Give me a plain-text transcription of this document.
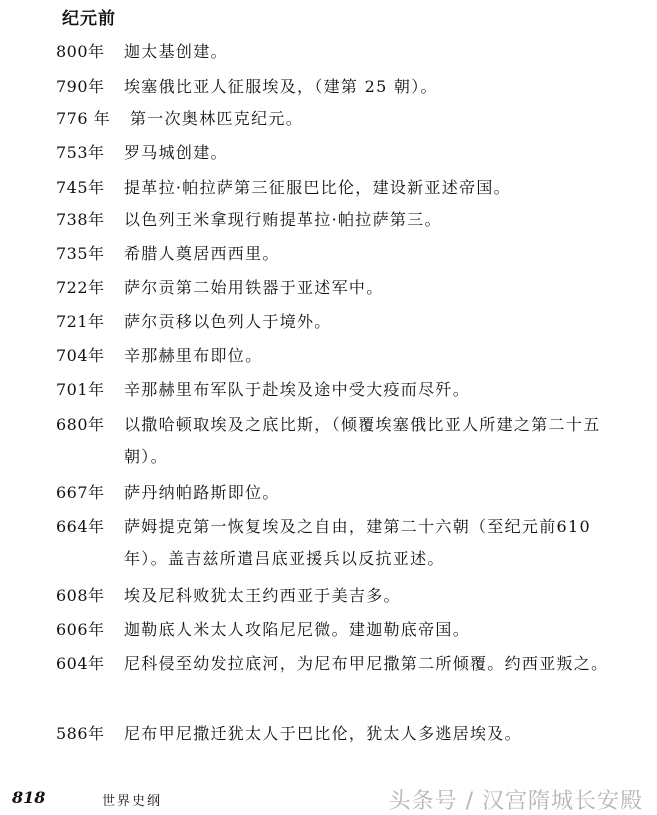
纪元前
800年 迦太基创建。
790年 埃塞俄比亚人征服埃及，（建第 25 朝）。
776 年 第一次奥林匹克纪元。
753年 罗马城创建。
745年 提革拉·帕拉萨第三征服巴比伦，建设新亚述帝国。
738年 以色列王米拿现行贿提革拉·帕拉萨第三。
735年 希腊人奠居西西里。
722年 萨尔贡第二始用铁器于亚述军中。
721年 萨尔贡移以色列人于境外。
704年 辛那赫里布即位。
701年 辛那赫里布军队于赴埃及途中受大疫而尽歼。
680年 以撒哈顿取埃及之底比斯，（倾覆埃塞俄比亚人所建之第二十五朝）。
667年 萨丹纳帕路斯即位。
664年 萨姆提克第一恢复埃及之自由，建第二十六朝（至纪元前610年）。盖吉兹所遣吕底亚援兵以反抗亚述。
608年 埃及尼科败犹太王约西亚于美吉多。
606年 迦勒底人米太人攻陷尼尼微。建迦勒底帝国。
604年 尼科侵至幼发拉底河，为尼布甲尼撒第二所倾覆。约西亚叛之。
586年 尼布甲尼撒迁犹太人于巴比伦，犹太人多逃居埃及。
818	世界史纲	头条号 / 汉宫隋城长安殿
